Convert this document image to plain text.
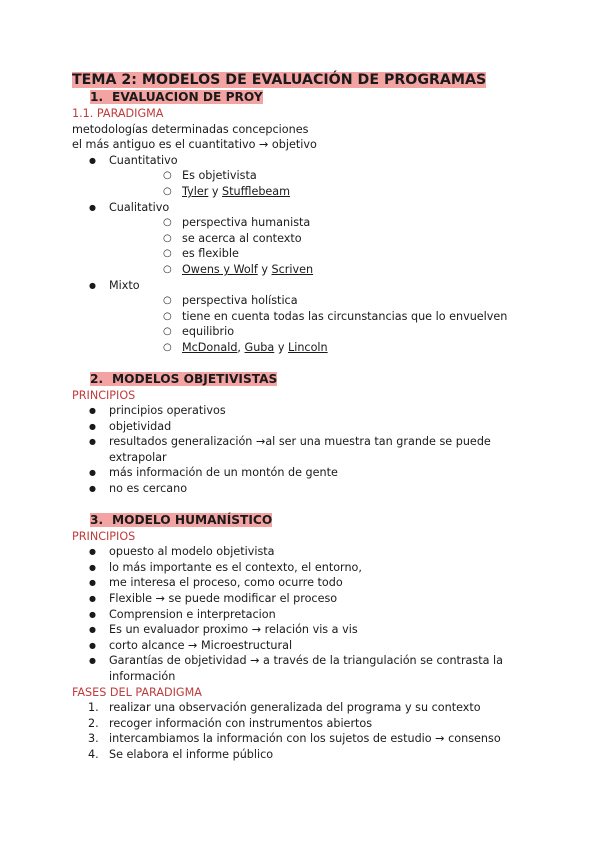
TEMA 2: MODELOS DE EVALUACIÓN DE PROGRAMAS
1. EVALUACION DE PROY
1.1. PARADIGMA
metodologías determinadas concepciones
el más antiguo es el cuantitativo → objetivo
● Cuantitativo
○ Es objetivista
○ Tyler y Stufflebeam
● Cualitativo
○ perspectiva humanista
○ se acerca al contexto
○ es flexible
○ Owens y Wolf y Scriven
● Mixto
○ perspectiva holística
○ tiene en cuenta todas las circunstancias que lo envuelven
○ equilibrio
○ McDonald, Guba y Lincoln
2. MODELOS OBJETIVISTAS
PRINCIPIOS
● principios operativos
● objetividad
● resultados generalización →al ser una muestra tan grande se puede extrapolar
● más información de un montón de gente
● no es cercano
3. MODELO HUMANÍSTICO
PRINCIPIOS
● opuesto al modelo objetivista
● lo más importante es el contexto, el entorno,
● me interesa el proceso, como ocurre todo
● Flexible → se puede modificar el proceso
● Comprension e interpretacion
● Es un evaluador proximo → relación vis a vis
● corto alcance → Microestructural
● Garantías de objetividad → a través de la triangulación se contrasta la información
FASES DEL PARADIGMA
1. realizar una observación generalizada del programa y su contexto
2. recoger información con instrumentos abiertos
3. intercambiamos la información con los sujetos de estudio → consenso
4. Se elabora el informe público
